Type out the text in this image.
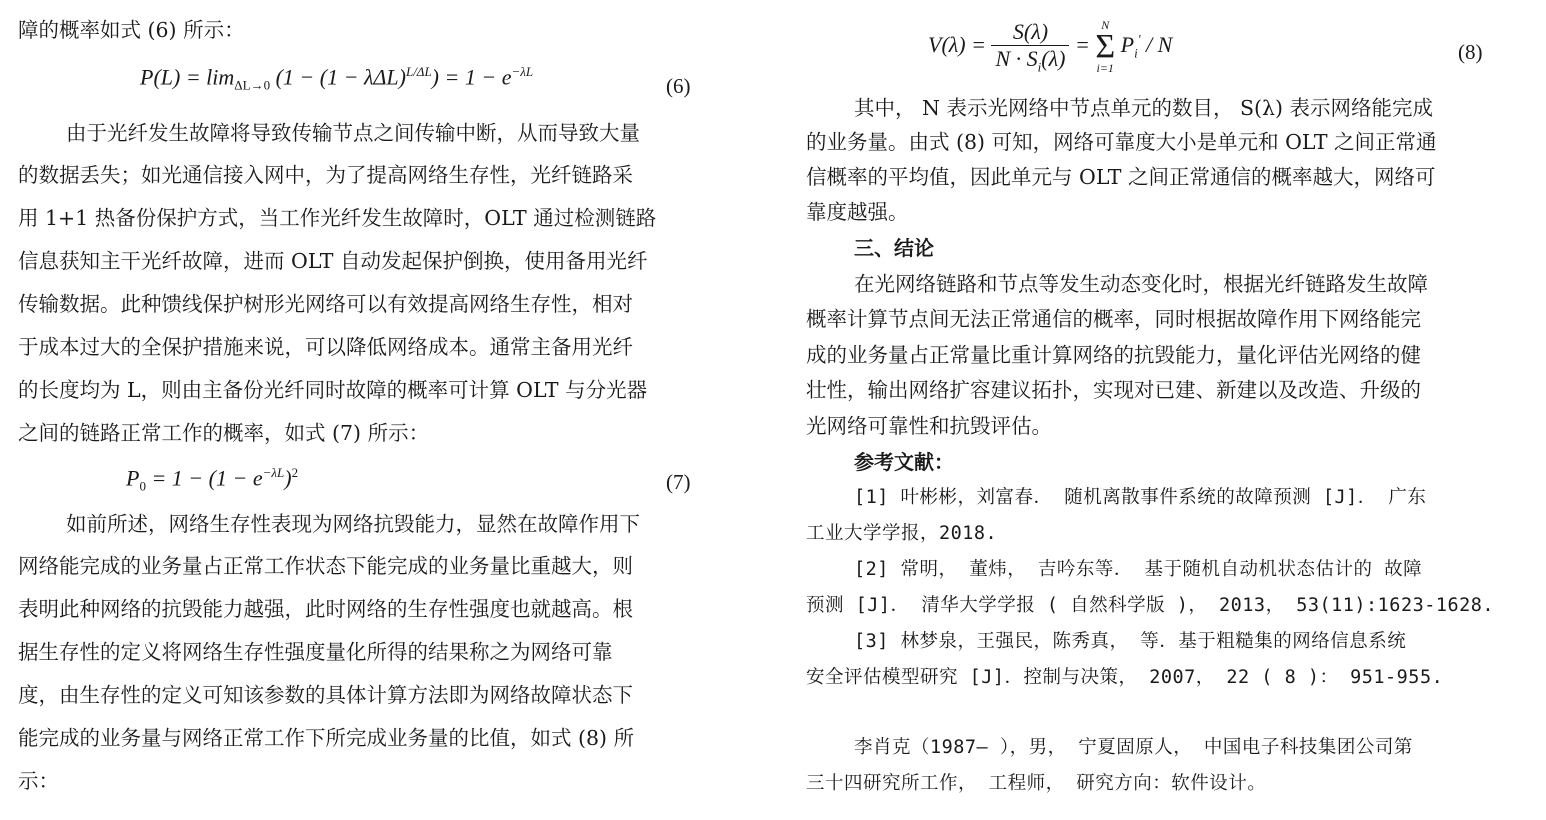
障的概率如式 (6) 所示：
$P(L) = \lim_{\Delta L\to 0} (1 - (1 - \lambda\Delta L)^{L/\Delta L}) = 1 - e^{-\lambda L}$
(6)
由于光纤发生故障将导致传输节点之间传输中断，从而导致大量
的数据丢失；如光通信接入网中，为了提高网络生存性，光纤链路采
用 1+1 热备份保护方式，当工作光纤发生故障时，OLT 通过检测链路
信息获知主干光纤故障，进而 OLT 自动发起保护倒换，使用备用光纤
传输数据。此种馈线保护树形光网络可以有效提高网络生存性，相对
于成本过大的全保护措施来说，可以降低网络成本。通常主备用光纤
的长度均为 L，则由主备份光纤同时故障的概率可计算 OLT 与分光器
之间的链路正常工作的概率，如式 (7) 所示：
$P_0 = 1 - (1 - e^{-\lambda L})^2$	(7)
如前所述，网络生存性表现为网络抗毁能力，显然在故障作用下
网络能完成的业务量占正常工作状态下能完成的业务量比重越大，则
表明此种网络的抗毁能力越强，此时网络的生存性强度也就越高。根
据生存性的定义将网络生存性强度量化所得的结果称之为网络可靠
度，由生存性的定义可知该参数的具体计算方法即为网络故障状态下
能完成的业务量与网络正常工作下所完成业务量的比值，如式 (8) 所
示：
$V(\lambda) = \frac{S(\lambda)}{N \cdot S_i(\lambda)}$ =
N
Σ
i=1
$P_i'$ / N	(8)
其中， N 表示光网络中节点单元的数目， S(λ) 表示网络能完成
的业务量。由式 (8) 可知，网络可靠度大小是单元和 OLT 之间正常通
信概率的平均值，因此单元与 OLT 之间正常通信的概率越大，网络可
靠度越强。
三、结论
在光网络链路和节点等发生动态变化时，根据光纤链路发生故障
概率计算节点间无法正常通信的概率，同时根据故障作用下网络能完
成的业务量占正常量比重计算网络的抗毁能力，量化评估光网络的健
壮性，输出网络扩容建议拓扑，实现对已建、新建以及改造、升级的
光网络可靠性和抗毁评估。
参考文献：
[1] 叶彬彬，刘富春． 随机离散事件系统的故障预测 [J]． 广东
工业大学学报，2018.
[2] 常明， 董炜， 吉吟东等． 基于随机自动机状态估计的 故障
预测 [J]． 清华大学学报 ( 自然科学版 )， 2013， 53(11):1623-1628.
[3] 林梦泉，王强民，陈秀真， 等．基于粗糙集的网络信息系统
安全评估模型研究 [J]．控制与决策， 2007， 22 ( 8 )： 951-955.
李肖克（1987— ），男， 宁夏固原人， 中国电子科技集团公司第
三十四研究所工作， 工程师， 研究方向：软件设计。
